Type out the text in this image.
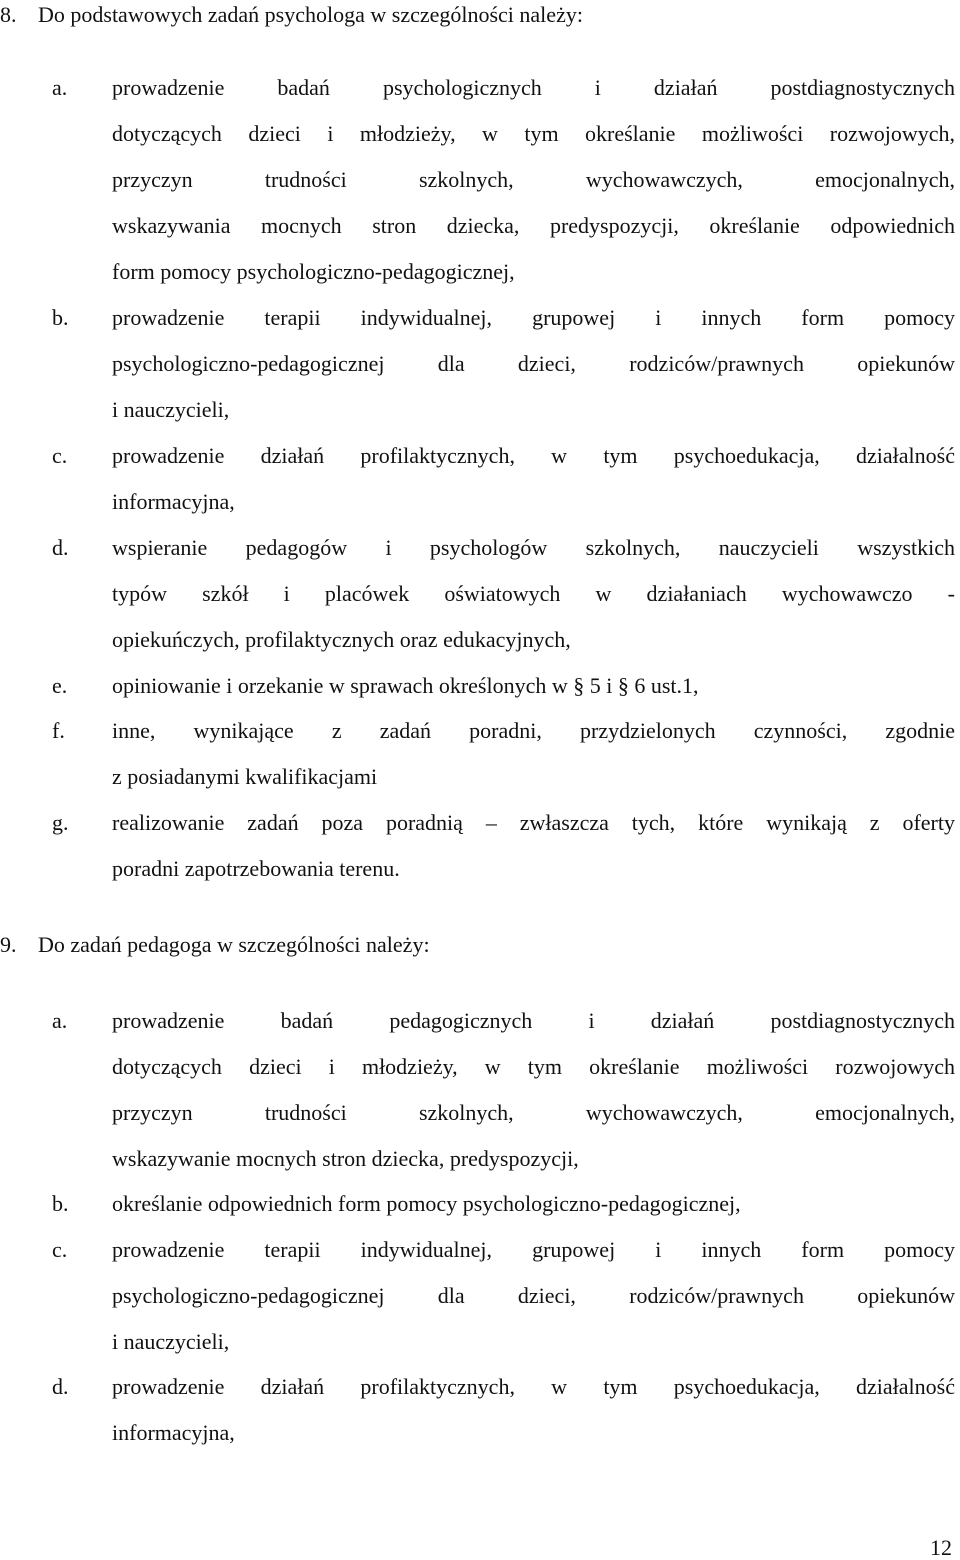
8. Do podstawowych zadań psychologa w szczególności należy:
a. prowadzenie badań psychologicznych i działań postdiagnostycznych
dotyczących dzieci i młodzieży, w tym określanie możliwości rozwojowych,
przyczyn trudności szkolnych, wychowawczych, emocjonalnych,
wskazywania mocnych stron dziecka, predyspozycji, określanie odpowiednich
form pomocy psychologiczno-pedagogicznej,
b. prowadzenie terapii indywidualnej, grupowej i innych form pomocy
psychologiczno-pedagogicznej dla dzieci, rodziców/prawnych opiekunów
i nauczycieli,
c. prowadzenie działań profilaktycznych, w tym psychoedukacja, działalność
informacyjna,
d. wspieranie pedagogów i psychologów szkolnych, nauczycieli wszystkich
typów szkół i placówek oświatowych w działaniach wychowawczo -
opiekuńczych, profilaktycznych oraz edukacyjnych,
e. opiniowanie i orzekanie w sprawach określonych w § 5 i § 6 ust.1,
f. inne, wynikające z zadań poradni, przydzielonych czynności, zgodnie
z posiadanymi kwalifikacjami
g. realizowanie zadań poza poradnią – zwłaszcza tych, które wynikają z oferty
poradni zapotrzebowania terenu.
9. Do zadań pedagoga w szczególności należy:
a. prowadzenie badań pedagogicznych i działań postdiagnostycznych
dotyczących dzieci i młodzieży, w tym określanie możliwości rozwojowych
przyczyn trudności szkolnych, wychowawczych, emocjonalnych,
wskazywanie mocnych stron dziecka, predyspozycji,
b. określanie odpowiednich form pomocy psychologiczno-pedagogicznej,
c. prowadzenie terapii indywidualnej, grupowej i innych form pomocy
psychologiczno-pedagogicznej dla dzieci, rodziców/prawnych opiekunów
i nauczycieli,
d. prowadzenie działań profilaktycznych, w tym psychoedukacja, działalność
informacyjna,
12
